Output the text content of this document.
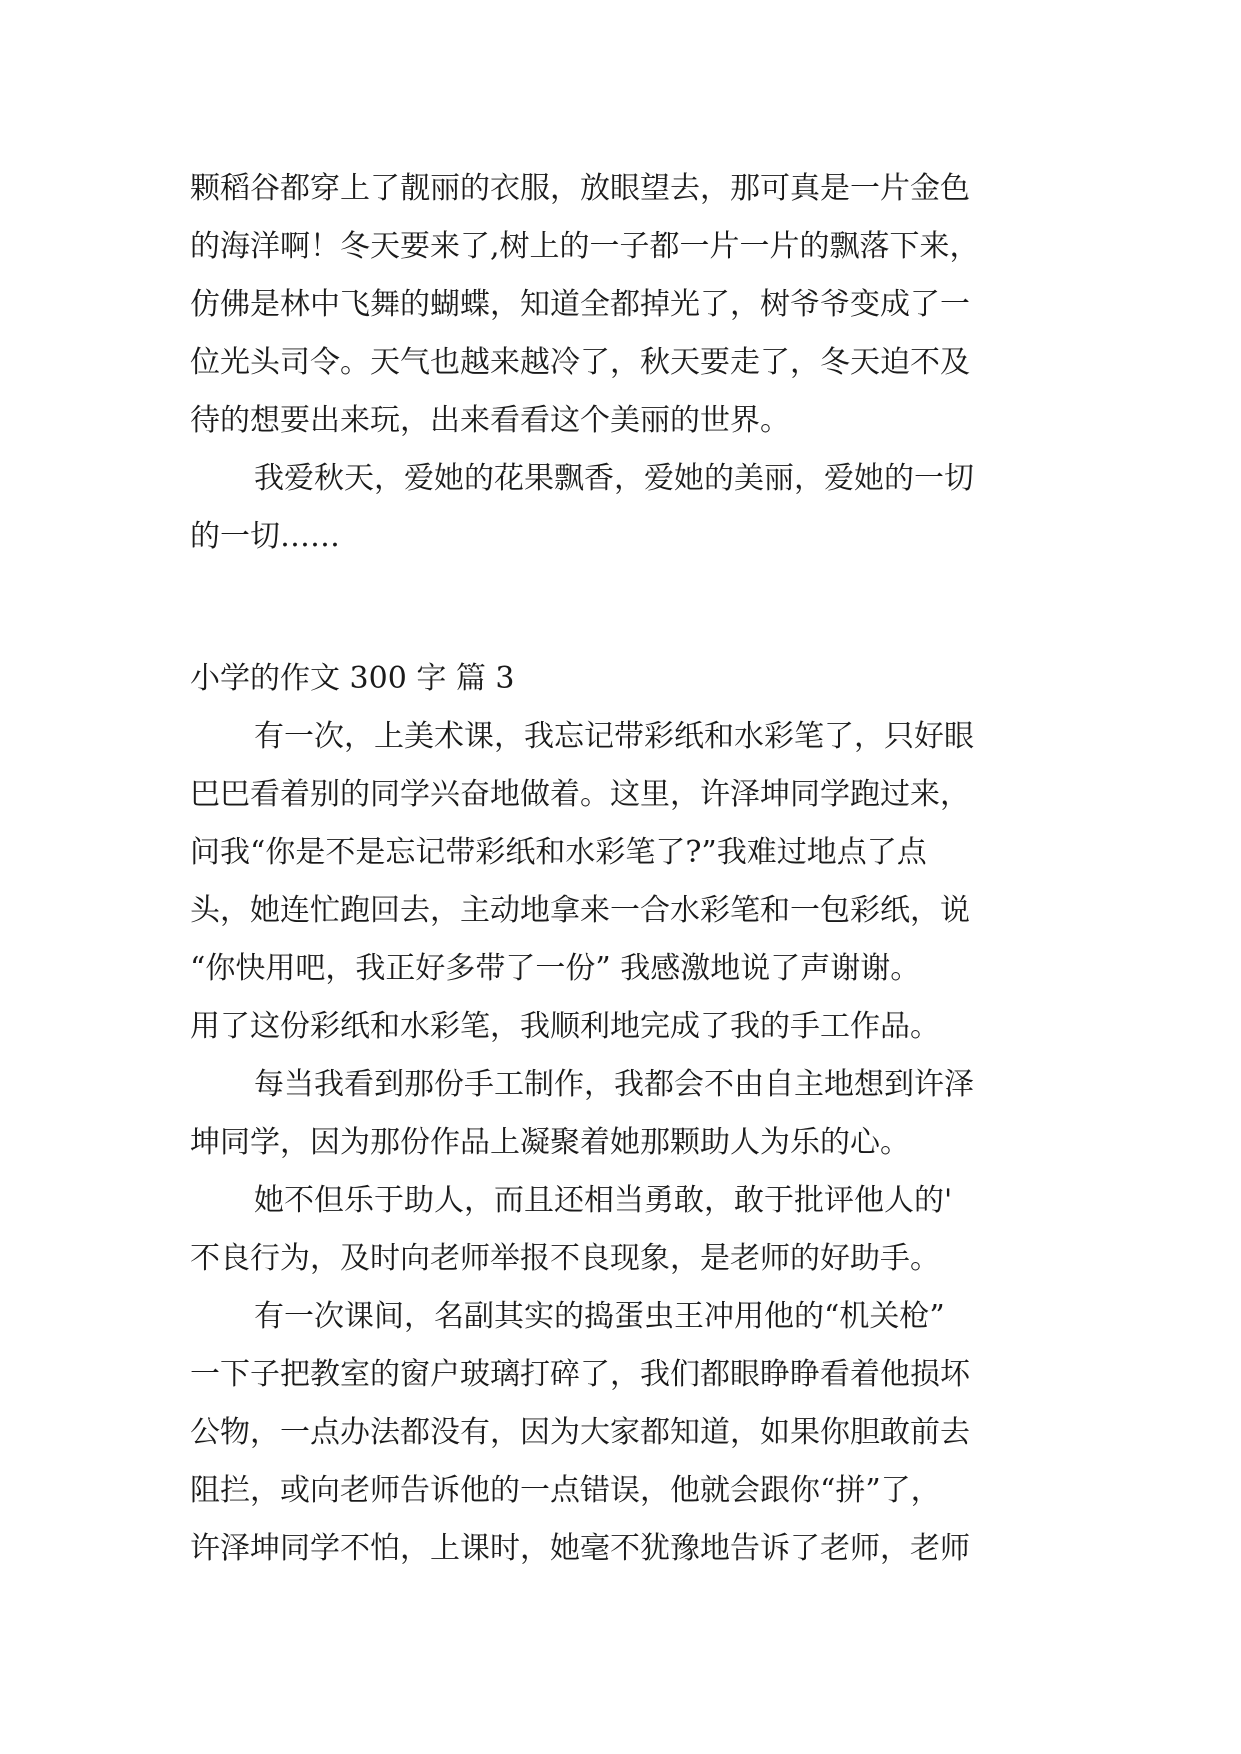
颗稻谷都穿上了靓丽的衣服，放眼望去，那可真是一片金色
的海洋啊！冬天要来了,树上的一子都一片一片的飘落下来，
仿佛是林中飞舞的蝴蝶，知道全都掉光了，树爷爷变成了一
位光头司令。天气也越来越冷了，秋天要走了，冬天迫不及
待的想要出来玩，出来看看这个美丽的世界。
我爱秋天，爱她的花果飘香，爱她的美丽，爱她的一切
的一切……
小学的作文 300 字 篇 3
有一次，上美术课，我忘记带彩纸和水彩笔了，只好眼
巴巴看着别的同学兴奋地做着。这里，许泽坤同学跑过来，
问我“你是不是忘记带彩纸和水彩笔了?”我难过地点了点
头，她连忙跑回去，主动地拿来一合水彩笔和一包彩纸，说
“你快用吧，我正好多带了一份” 我感激地说了声谢谢。
用了这份彩纸和水彩笔，我顺利地完成了我的手工作品。
每当我看到那份手工制作，我都会不由自主地想到许泽
坤同学，因为那份作品上凝聚着她那颗助人为乐的心。
她不但乐于助人，而且还相当勇敢，敢于批评他人的'
不良行为，及时向老师举报不良现象，是老师的好助手。
有一次课间，名副其实的捣蛋虫王冲用他的“机关枪”
一下子把教室的窗户玻璃打碎了，我们都眼睁睁看着他损坏
公物，一点办法都没有，因为大家都知道，如果你胆敢前去
阻拦，或向老师告诉他的一点错误，他就会跟你“拼”了，
许泽坤同学不怕，上课时，她毫不犹豫地告诉了老师，老师
